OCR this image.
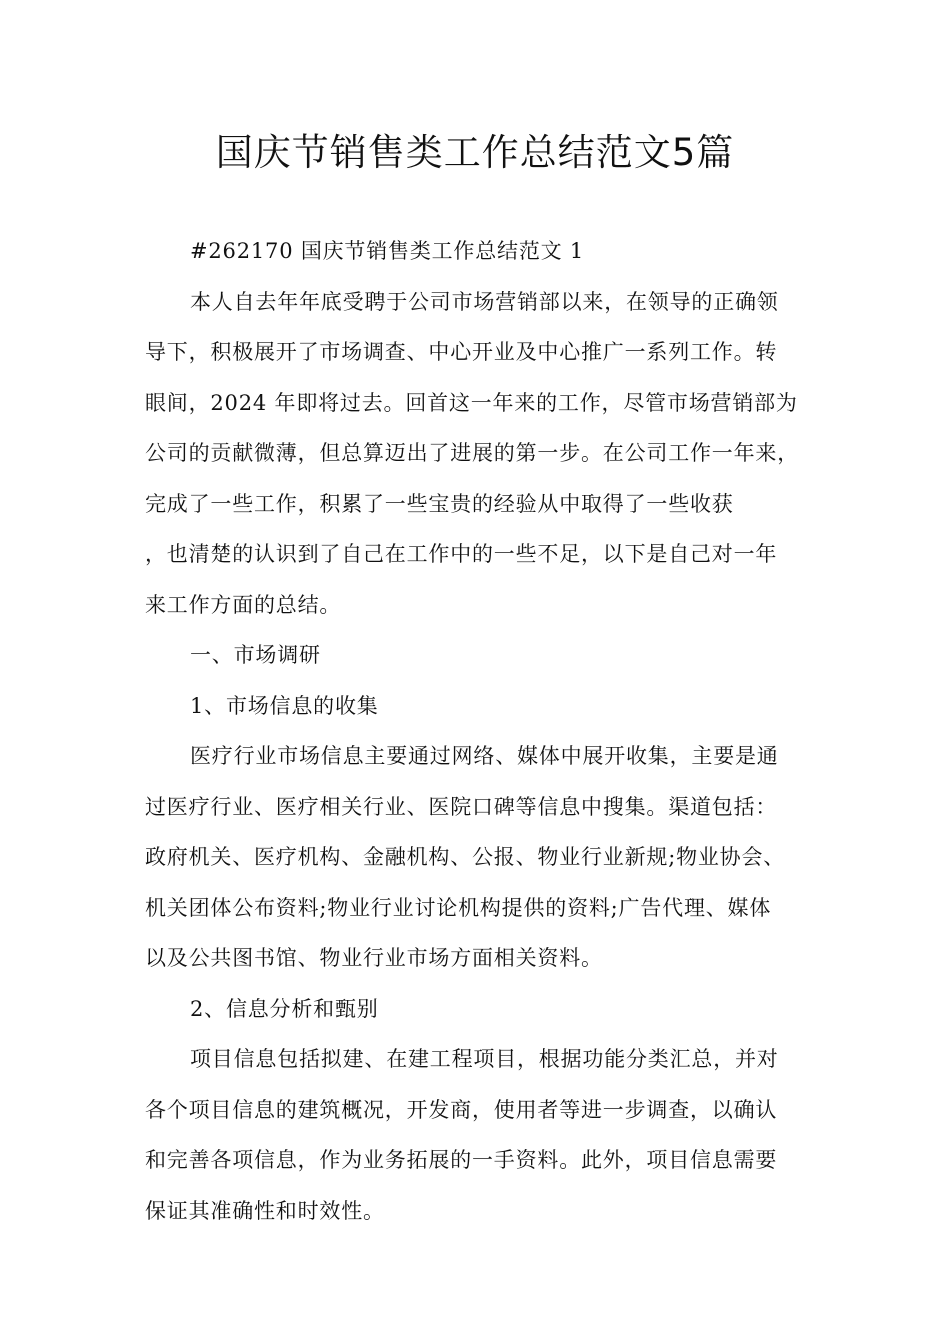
国庆节销售类工作总结范文5篇

#262170 国庆节销售类工作总结范文 1

本人自去年年底受聘于公司市场营销部以来，在领导的正确领

导下，积极展开了市场调查、中心开业及中心推广一系列工作。转

眼间，2024 年即将过去。回首这一年来的工作，尽管市场营销部为

公司的贡献微薄，但总算迈出了进展的第一步。在公司工作一年来，

完成了一些工作，积累了一些宝贵的经验从中取得了一些收获

，也清楚的认识到了自己在工作中的一些不足，以下是自己对一年

来工作方面的总结。

一、市场调研

1、市场信息的收集

医疗行业市场信息主要通过网络、媒体中展开收集，主要是通

过医疗行业、医疗相关行业、医院口碑等信息中搜集。渠道包括：

政府机关、医疗机构、金融机构、公报、物业行业新规;物业协会、

机关团体公布资料;物业行业讨论机构提供的资料;广告代理、媒体

以及公共图书馆、物业行业市场方面相关资料。

2、信息分析和甄别

项目信息包括拟建、在建工程项目，根据功能分类汇总，并对

各个项目信息的建筑概况，开发商，使用者等进一步调查，以确认

和完善各项信息，作为业务拓展的一手资料。此外，项目信息需要

保证其准确性和时效性。
